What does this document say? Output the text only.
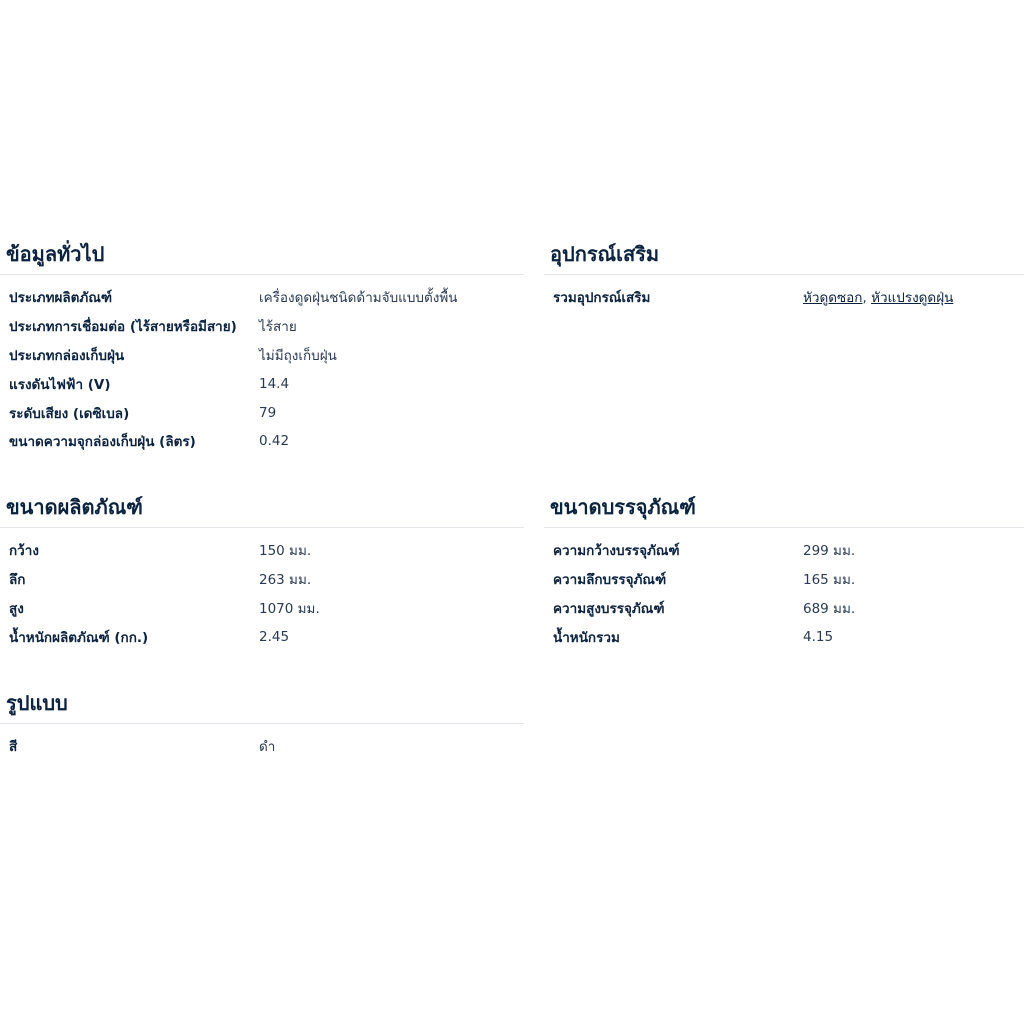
ข้อมูลทั่วไป
ประเภทผลิตภัณฑ์	เครื่องดูดฝุ่นชนิดด้ามจับแบบตั้งพื้น
ประเภทการเชื่อมต่อ (ไร้สายหรือมีสาย)	ไร้สาย
ประเภทกล่องเก็บฝุ่น	ไม่มีถุงเก็บฝุ่น
แรงดันไฟฟ้า (V)	14.4
ระดับเสียง (เดซิเบล)	79
ขนาดความจุกล่องเก็บฝุ่น (ลิตร)	0.42
อุปกรณ์เสริม
รวมอุปกรณ์เสริม	หัวดูดซอก, หัวแปรงดูดฝุ่น
ขนาดผลิตภัณฑ์
กว้าง	150 มม.
ลึก	263 มม.
สูง	1070 มม.
น้ำหนักผลิตภัณฑ์ (กก.)	2.45
ขนาดบรรจุภัณฑ์
ความกว้างบรรจุภัณฑ์	299 มม.
ความลึกบรรจุภัณฑ์	165 มม.
ความสูงบรรจุภัณฑ์	689 มม.
น้ำหนักรวม	4.15
รูปแบบ
สี	ดำ
